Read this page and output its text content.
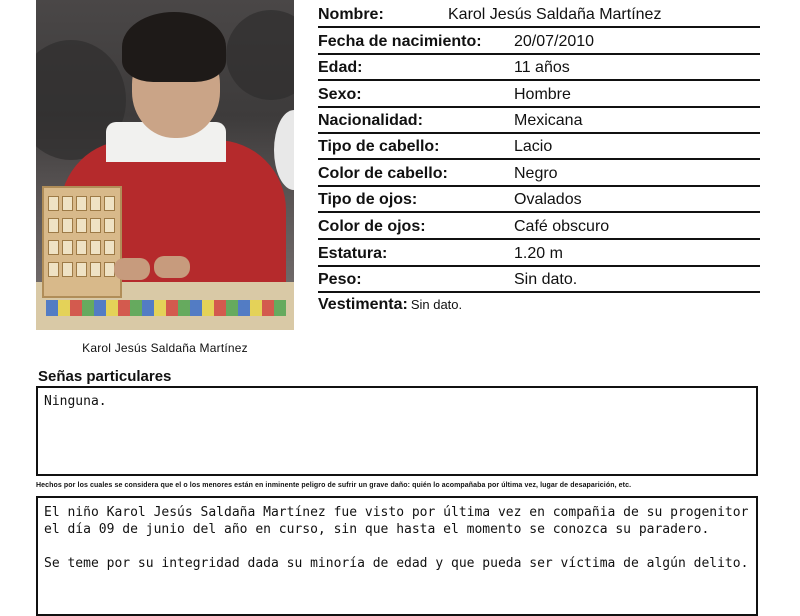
Karol Jesús Saldaña Martínez
Nombre:	Karol Jesús Saldaña Martínez
Fecha de nacimiento: 20/07/2010
Edad:	11 años
Sexo:	Hombre
Nacionalidad:	Mexicana
Tipo de cabello:	Lacio
Color de cabello:	Negro
Tipo de ojos:	Ovalados
Color de ojos:	Café obscuro
Estatura:	1.20 m
Peso:	Sin dato.
Vestimenta: Sin dato.
Señas particulares
Ninguna.
Hechos por los cuales se considera que el o los menores están en inminente peligro de sufrir un grave daño: quién lo acompañaba por última vez, lugar de desaparición, etc.

El niño Karol Jesús Saldaña Martínez fue visto por última vez en compañia de su progenitor

el día 09 de junio del año en curso, sin que hasta el momento se conozca su paradero.

Se teme por su integridad dada su minoría de edad y que pueda ser víctima de algún delito.
